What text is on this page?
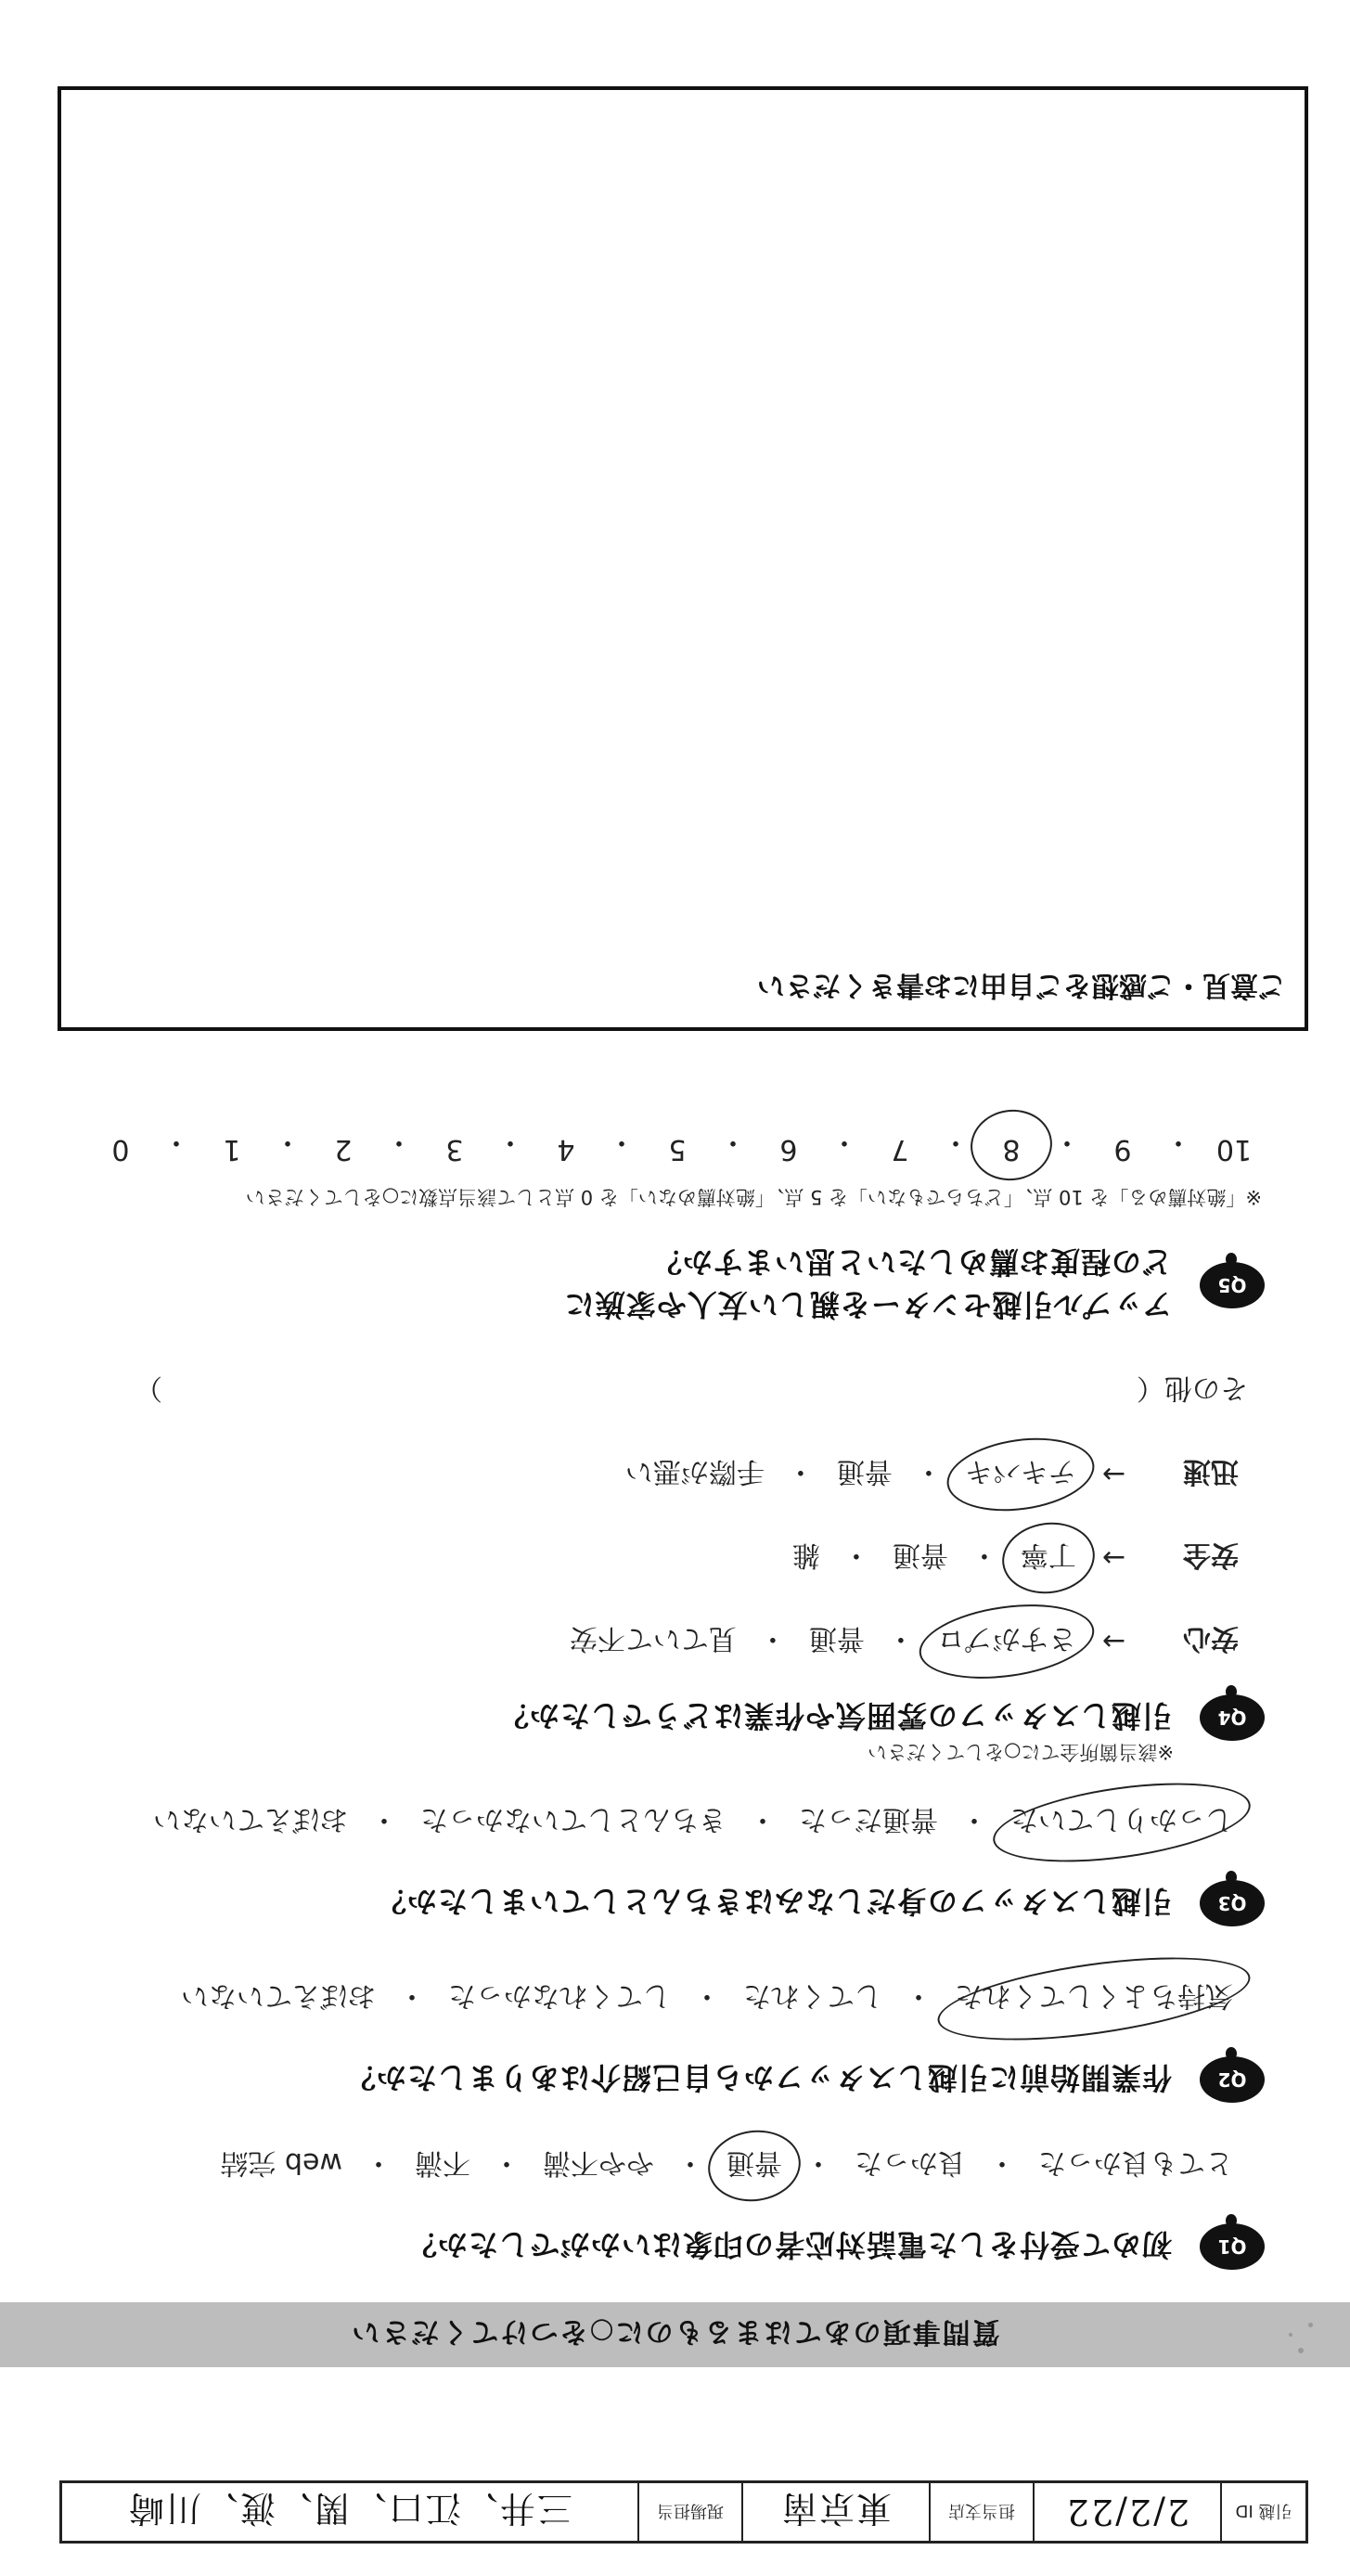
引越 ID
2/2/22
担当支店
東京南
現場担当
三井、江口、関、渡、川崎
質問事項のあてはまるものに○をつけてください
Q1
初めて受付をした電話対応者の印象はいかがでしたか？
とても良かった
・
良かった
・
普通
・
やや不満
・
不満
・
web 完結
Q2
作業開始前に引越しスタッフから自己紹介はありましたか？
気持ちよくしてくれた
・
してくれた
・
してくれなかった
・
おぼえていない
Q3
引越しスタッフの身だしなみはきちんとしていましたか？
しっかりしていた
・
普通だった
・
きちんとしていなかった
・
おぼえていない
Q4
引越しスタッフの雰囲気や作業はどうでしたか？
※該当箇所全てに○をしてください
安心
→
さすがプロ
・
普通
・
見ていて不安
安全
→
丁寧
・
普通
・
雑
迅速
→
テキパキ
・
普通
・
手際が悪い
その他（　　　　　　　　　　　　　　　　　　　　　　　　　　　　　　　　　　　）
Q5
アップル引越センターを親しい友人や家族に
どの程度お薦めしたいと思いますか？
※「絶対薦める」を 10 点、「どちらでもない」を 5 点、「絶対薦めない」を 0 点として該当点数に○をしてください
10
・
9
・
8
・
7
・
6
・
5
・
4
・
3
・
2
・
1
・
0
ご意見・ご感想をご自由にお書きください
